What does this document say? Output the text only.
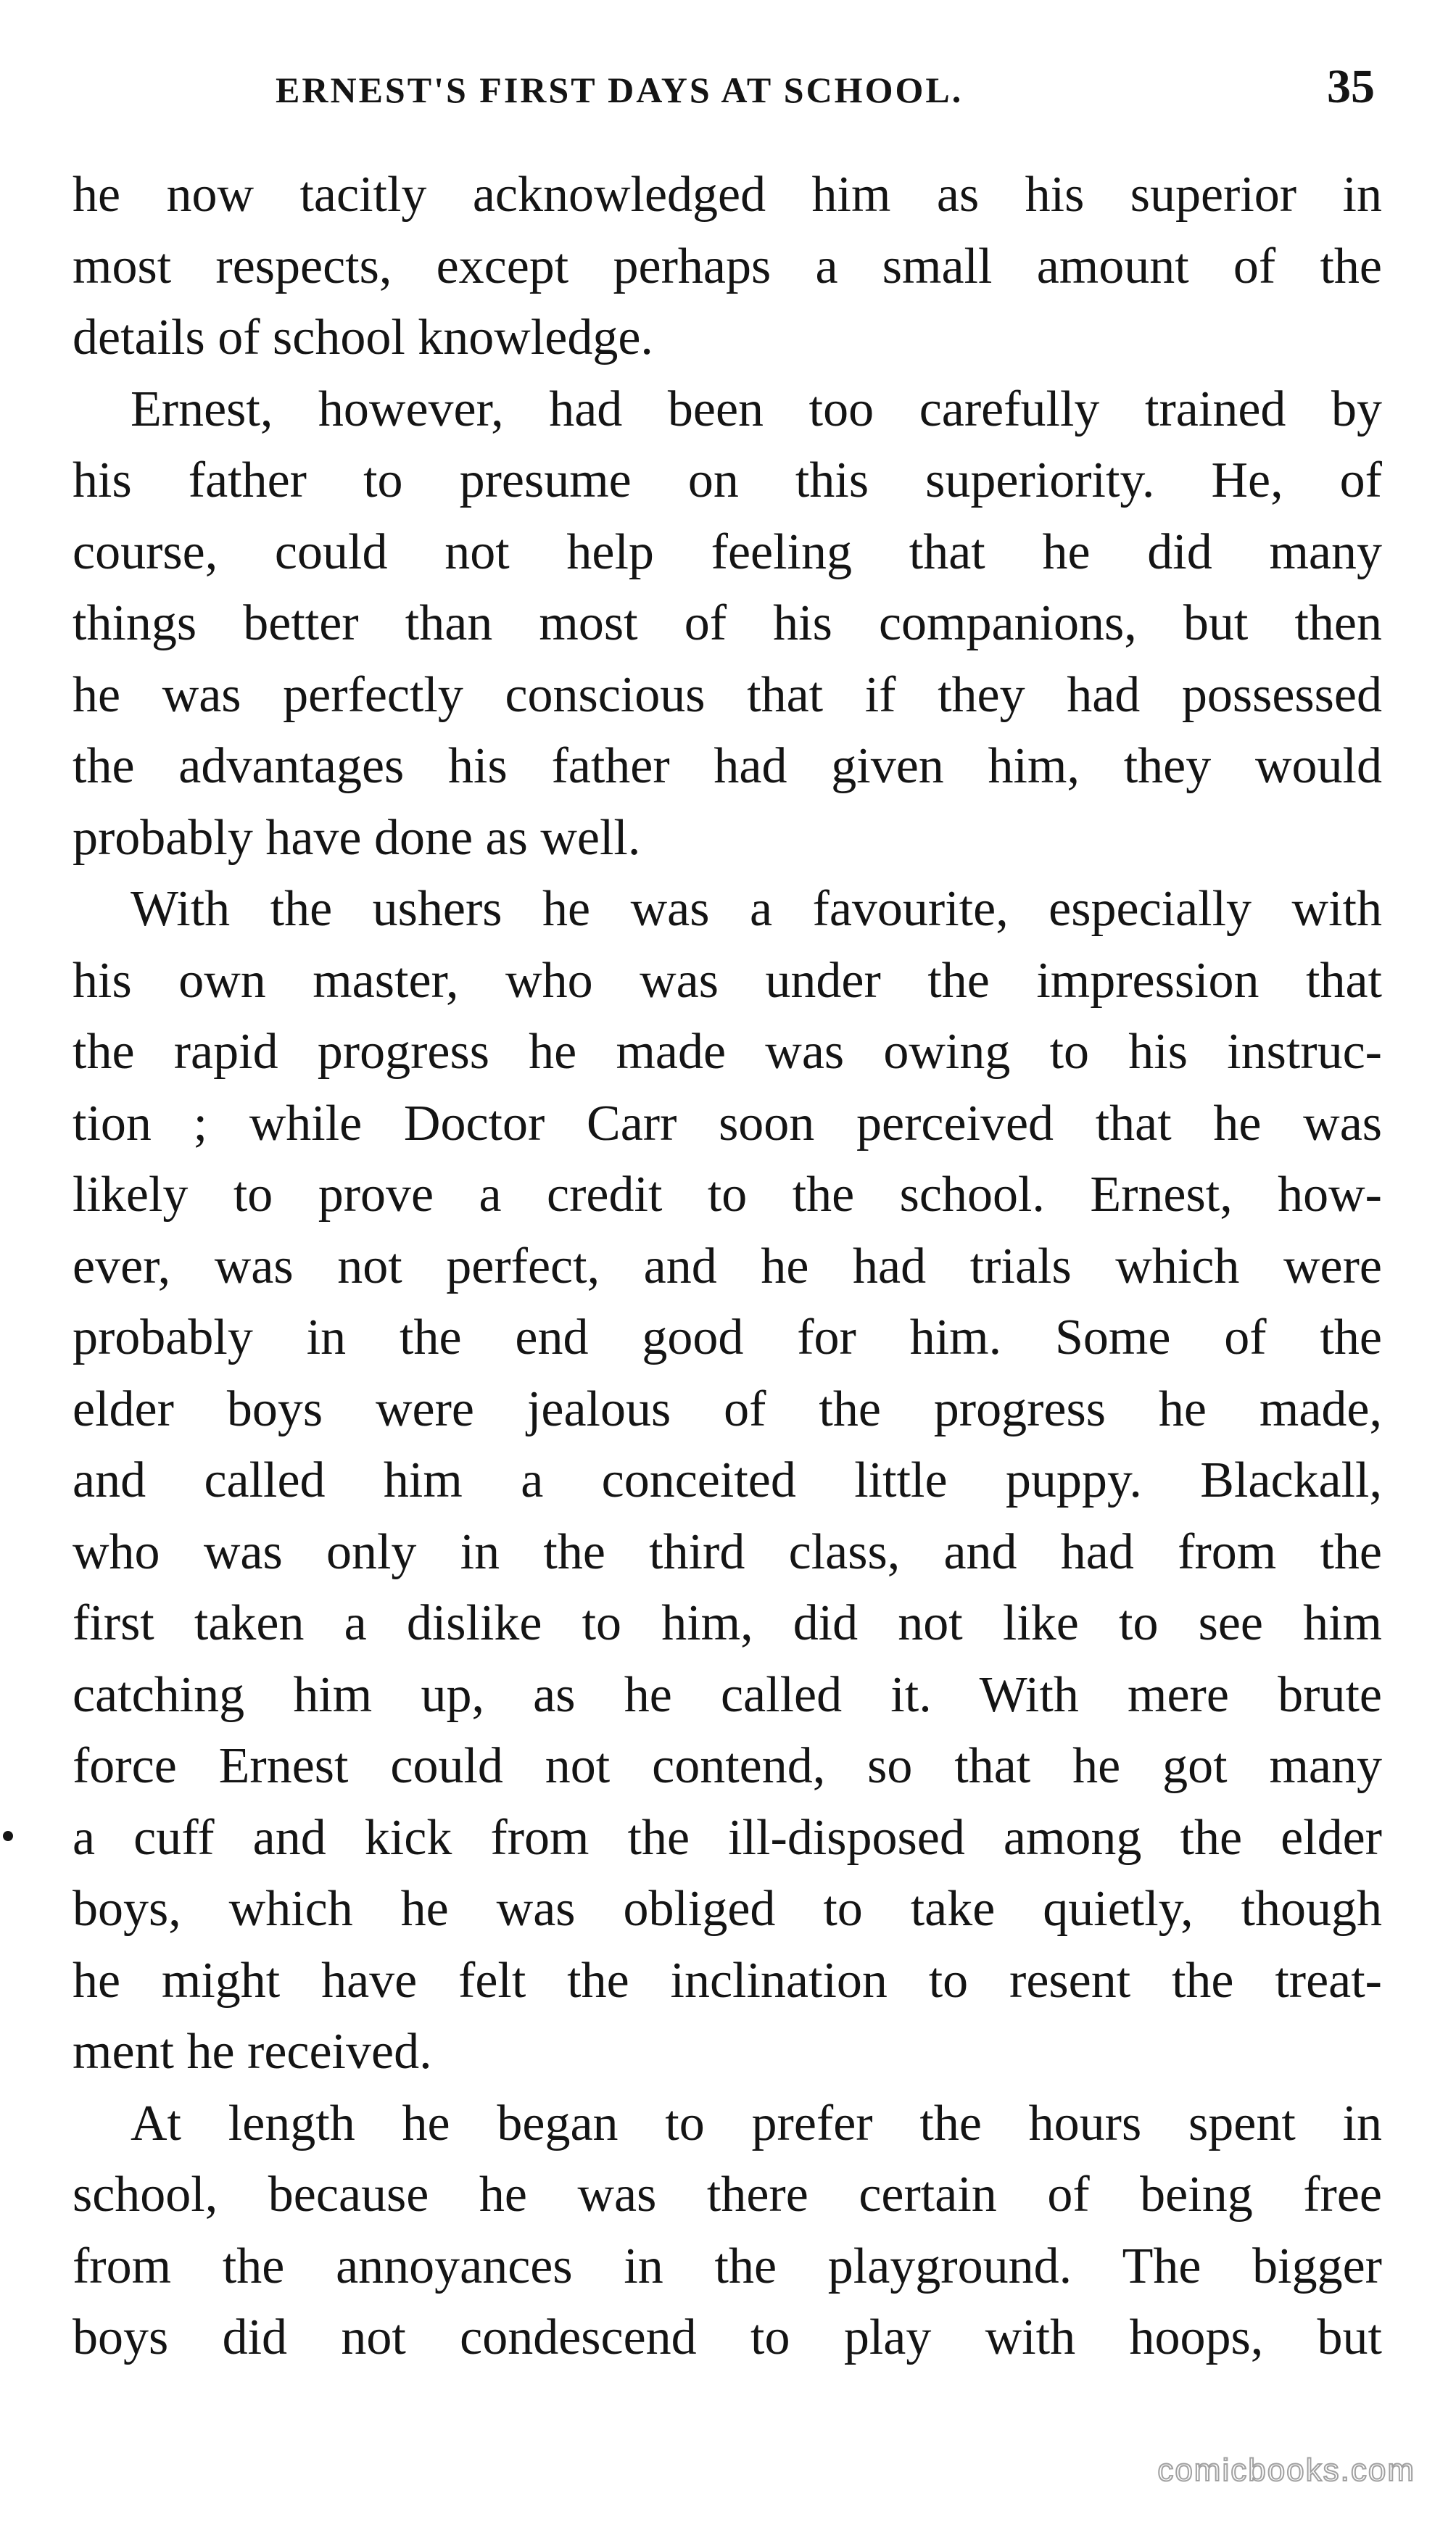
ERNEST'S FIRST DAYS AT SCHOOL.	35
he now tacitly acknowledged him as his superior in
most respects, except perhaps a small amount of the
details of school knowledge.
Ernest, however, had been too carefully trained by
his father to presume on this superiority. He, of
course, could not help feeling that he did many
things better than most of his companions, but then
he was perfectly conscious that if they had possessed
the advantages his father had given him, they would
probably have done as well.
With the ushers he was a favourite, especially with
his own master, who was under the impression that
the rapid progress he made was owing to his instruc-
tion ; while Doctor Carr soon perceived that he was
likely to prove a credit to the school. Ernest, how-
ever, was not perfect, and he had trials which were
probably in the end good for him. Some of the
elder boys were jealous of the progress he made,
and called him a conceited little puppy. Blackall,
who was only in the third class, and had from the
first taken a dislike to him, did not like to see him
catching him up, as he called it. With mere brute
force Ernest could not contend, so that he got many
a cuff and kick from the ill-disposed among the elder
boys, which he was obliged to take quietly, though
he might have felt the inclination to resent the treat-
ment he received.
At length he began to prefer the hours spent in
school, because he was there certain of being free
from the annoyances in the playground. The bigger
boys did not condescend to play with hoops, but
comicbooks.com
